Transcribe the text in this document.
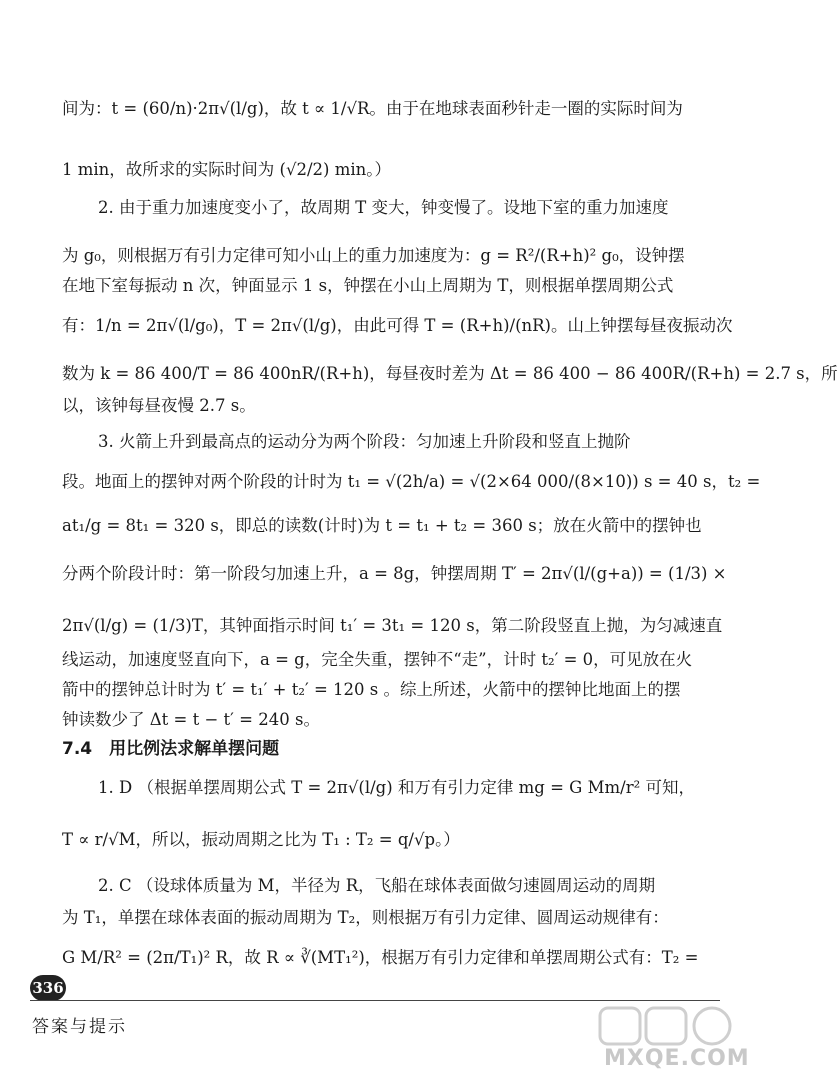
间为：t = (60/n)·2π√(l/g)，故 t ∝ 1/√R。由于在地球表面秒针走一圈的实际时间为
1 min，故所求的实际时间为 (√2/2) min。）
2. 由于重力加速度变小了，故周期 T 变大，钟变慢了。设地下室的重力加速度
为 g₀，则根据万有引力定律可知小山上的重力加速度为：g = R²/(R+h)² g₀，设钟摆
在地下室每振动 n 次，钟面显示 1 s，钟摆在小山上周期为 T，则根据单摆周期公式
有：1/n = 2π√(l/g₀)，T = 2π√(l/g)，由此可得 T = (R+h)/(nR)。山上钟摆每昼夜振动次
数为 k = 86 400/T = 86 400nR/(R+h)，每昼夜时差为 Δt = 86 400 − 86 400R/(R+h) = 2.7 s，所
以，该钟每昼夜慢 2.7 s。
3. 火箭上升到最高点的运动分为两个阶段：匀加速上升阶段和竖直上抛阶
段。地面上的摆钟对两个阶段的计时为 t₁ = √(2h/a) = √(2×64 000/(8×10)) s = 40 s，t₂ =
at₁/g = 8t₁ = 320 s，即总的读数(计时)为 t = t₁ + t₂ = 360 s；放在火箭中的摆钟也
分两个阶段计时：第一阶段匀加速上升，a = 8g，钟摆周期 T′ = 2π√(l/(g+a)) = (1/3) ×
2π√(l/g) = (1/3)T，其钟面指示时间 t₁′ = 3t₁ = 120 s，第二阶段竖直上抛，为匀减速直
线运动，加速度竖直向下，a = g，完全失重，摆钟不“走”，计时 t₂′ = 0，可见放在火
箭中的摆钟总计时为 t′ = t₁′ + t₂′ = 120 s 。综上所述，火箭中的摆钟比地面上的摆
钟读数少了 Δt = t − t′ = 240 s。
7.4　用比例法求解单摆问题
1. D （根据单摆周期公式 T = 2π√(l/g) 和万有引力定律 mg = G Mm/r² 可知，
T ∝ r/√M，所以，振动周期之比为 T₁ : T₂ = q/√p。）
2. C （设球体质量为 M，半径为 R，飞船在球体表面做匀速圆周运动的周期
为 T₁，单摆在球体表面的振动周期为 T₂，则根据万有引力定律、圆周运动规律有：
G M/R² = (2π/T₁)² R，故 R ∝ ∛(MT₁²)，根据万有引力定律和单摆周期公式有：T₂ =
336
答案与提示
MXQE.COM
